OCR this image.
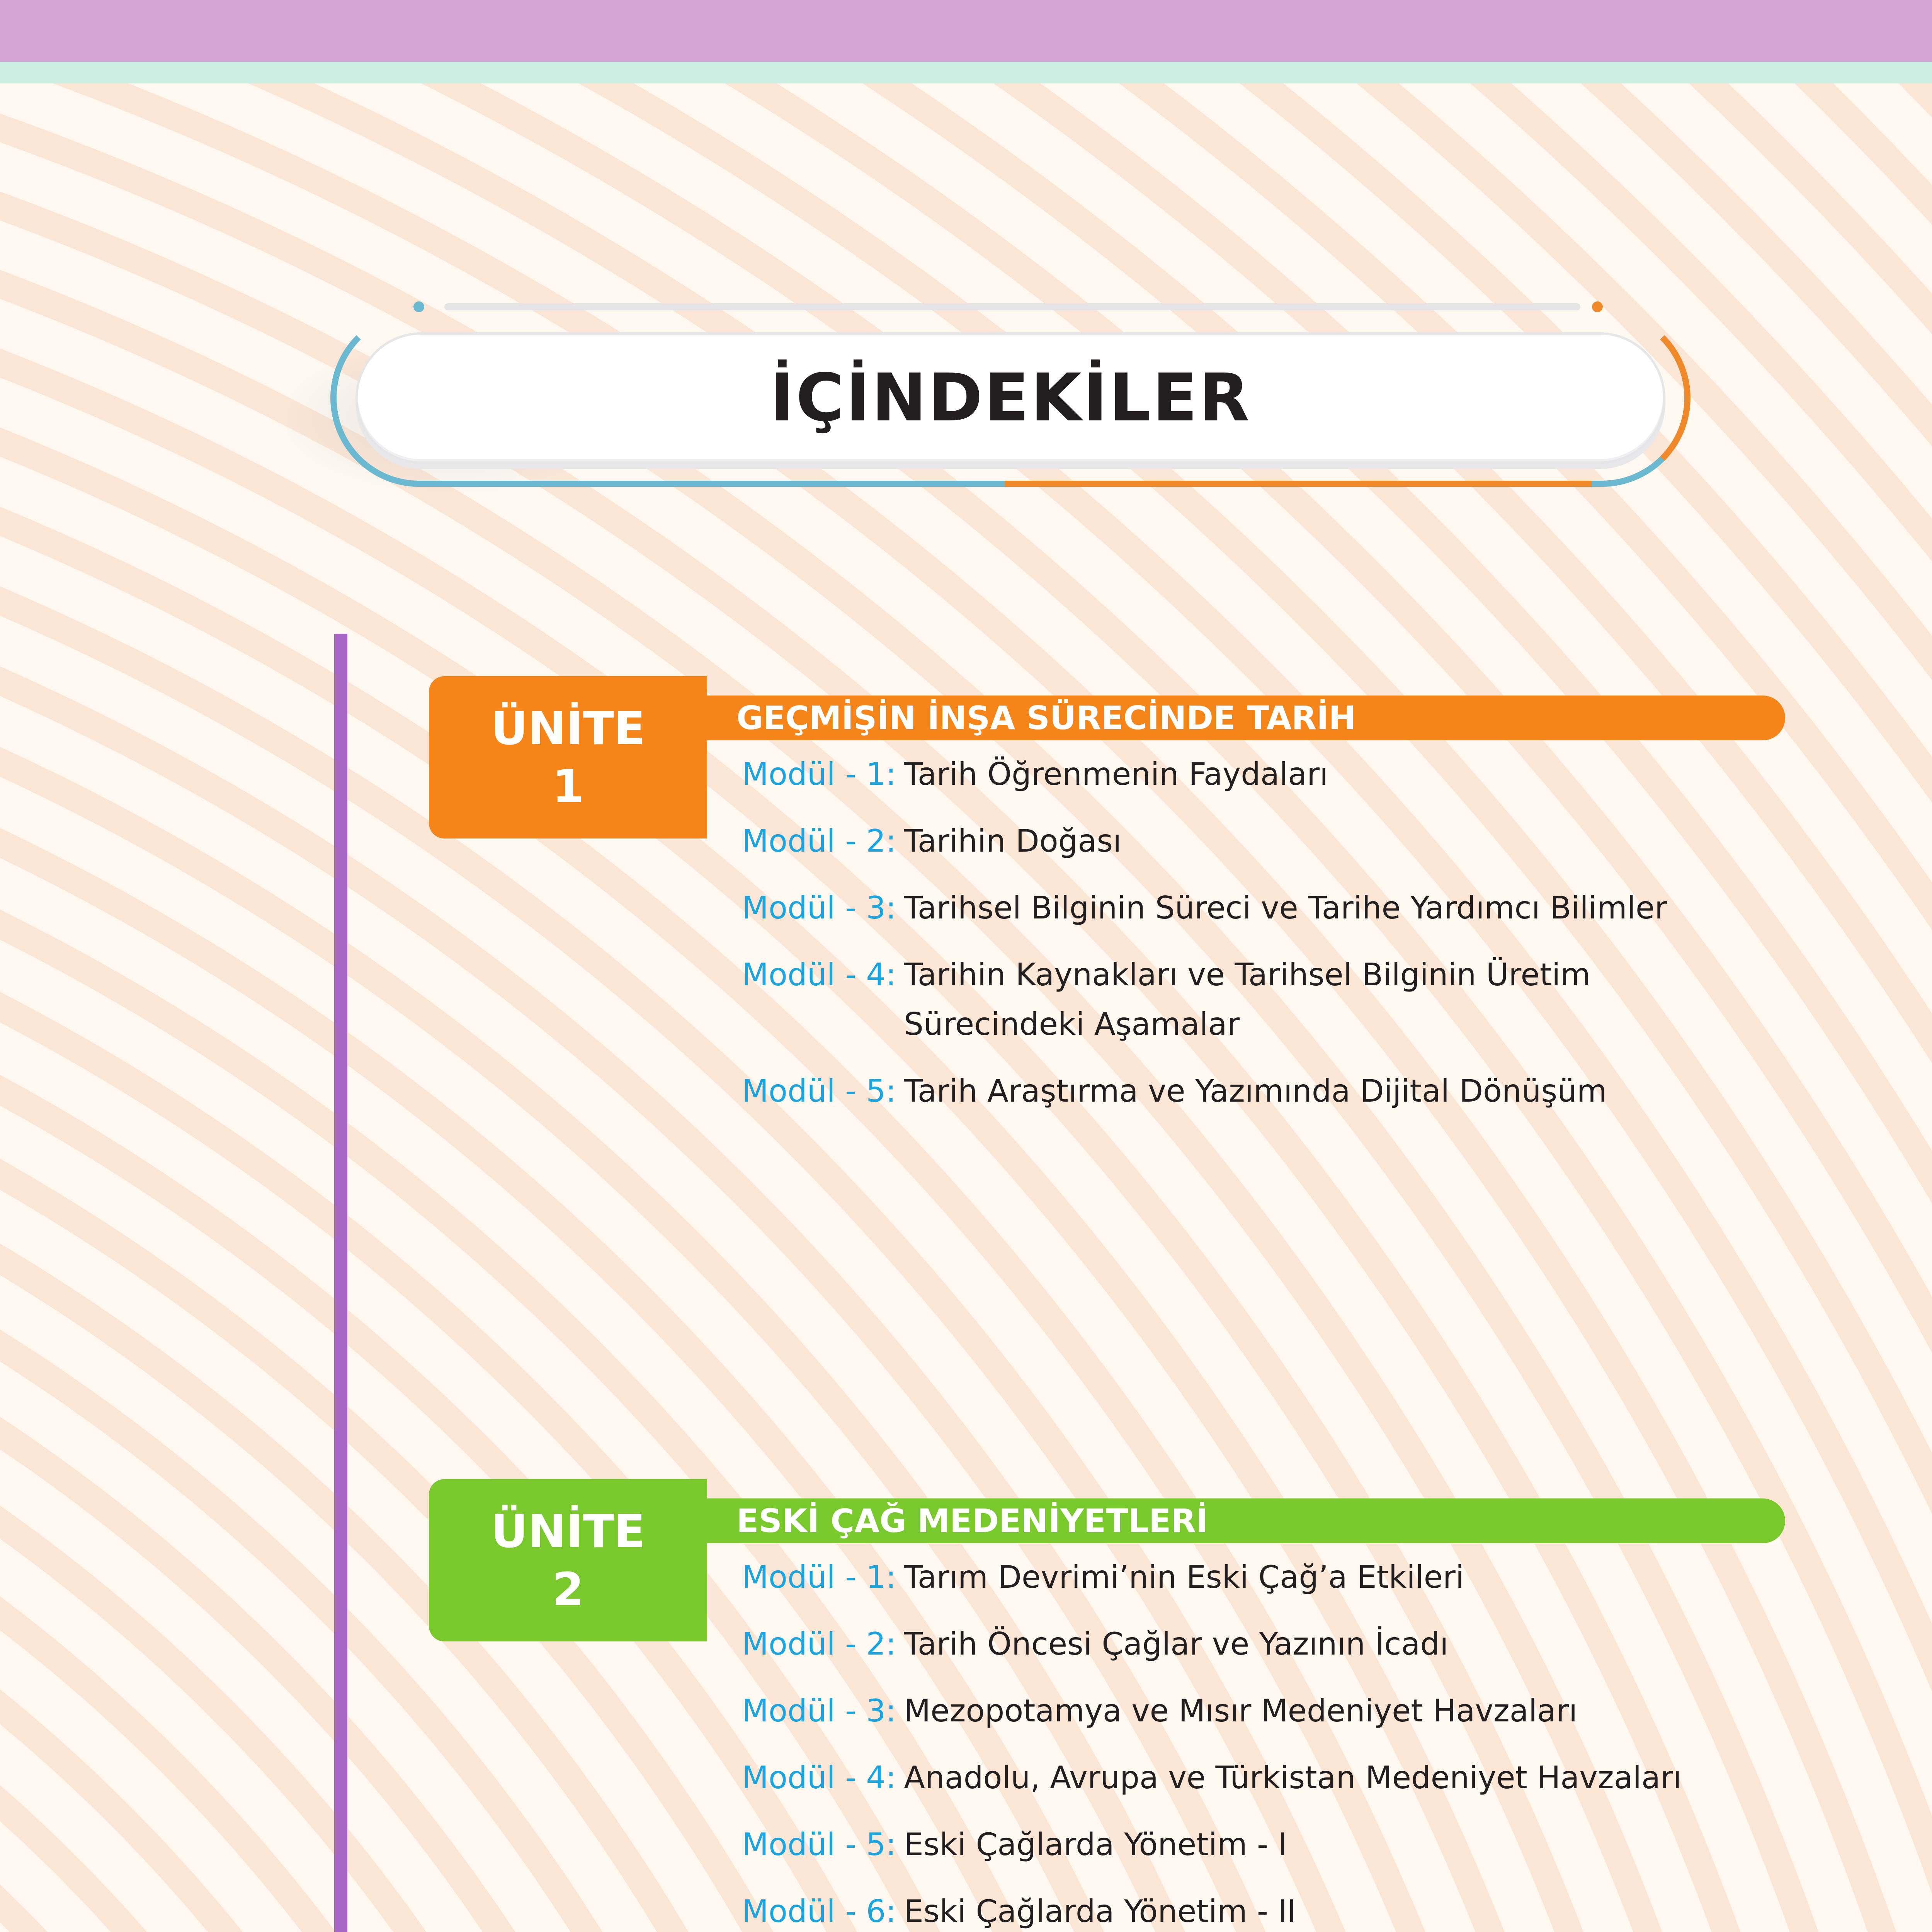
İÇİNDEKİLER
ÜNİTE
1
GEÇMİŞİN İNŞA SÜRECİNDE TARİH
Modül - 1: Tarih Öğrenmenin Faydaları
Modül - 2: Tarihin Doğası
Modül - 3: Tarihsel Bilginin Süreci ve Tarihe Yardımcı Bilimler
Modül - 4: Tarihin Kaynakları ve Tarihsel Bilginin Üretim Sürecindeki Aşamalar
Modül - 5: Tarih Araştırma ve Yazımında Dijital Dönüşüm
ÜNİTE
2
ESKİ ÇAĞ MEDENİYETLERİ
Modül - 1: Tarım Devrimi’nin Eski Çağ’a Etkileri
Modül - 2: Tarih Öncesi Çağlar ve Yazının İcadı
Modül - 3: Mezopotamya ve Mısır Medeniyet Havzaları
Modül - 4: Anadolu, Avrupa ve Türkistan Medeniyet Havzaları
Modül - 5: Eski Çağlarda Yönetim - I
Modül - 6: Eski Çağlarda Yönetim - II
